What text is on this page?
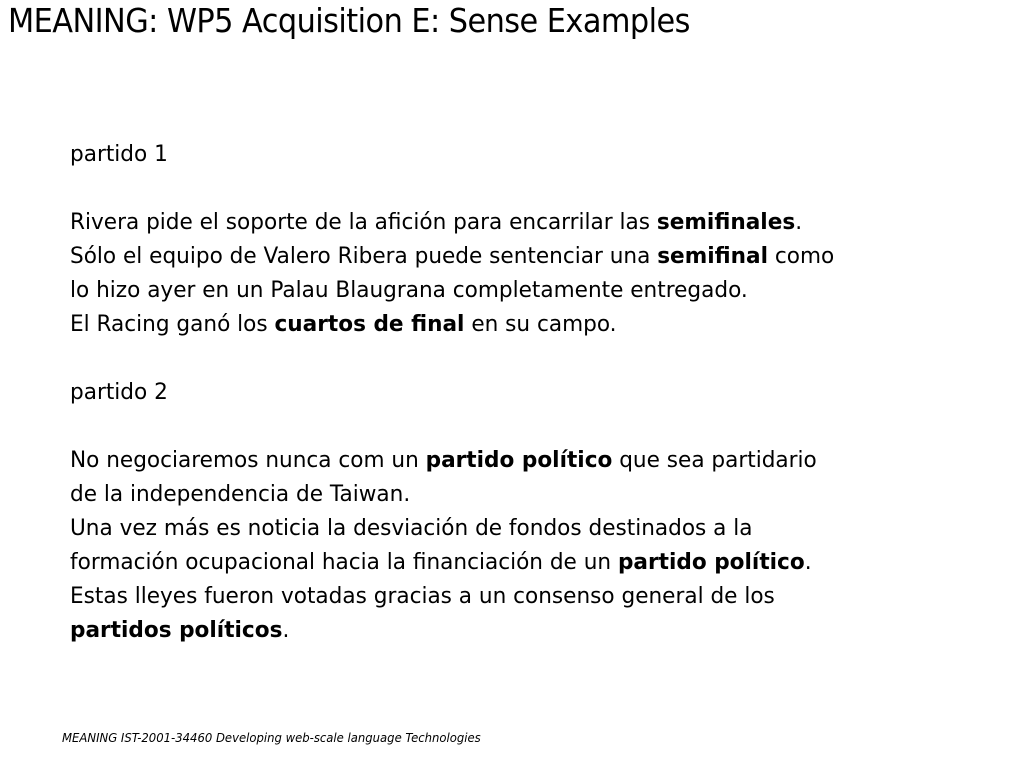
MEANING: WP5 Acquisition E: Sense Examples
partido 1
Rivera pide el soporte de la afición para encarrilar las semifinales.
Sólo el equipo de Valero Ribera puede sentenciar una semifinal como
lo hizo ayer en un Palau Blaugrana completamente entregado.
El Racing ganó los cuartos de final en su campo.
partido 2
No negociaremos nunca com un partido político que sea partidario
de la independencia de Taiwan.
Una vez más es noticia la desviación de fondos destinados a la
formación ocupacional hacia la financiación de un partido político.
Estas lleyes fueron votadas gracias a un consenso general de los
partidos políticos.
MEANING IST-2001-34460 Developing web-scale language Technologies
